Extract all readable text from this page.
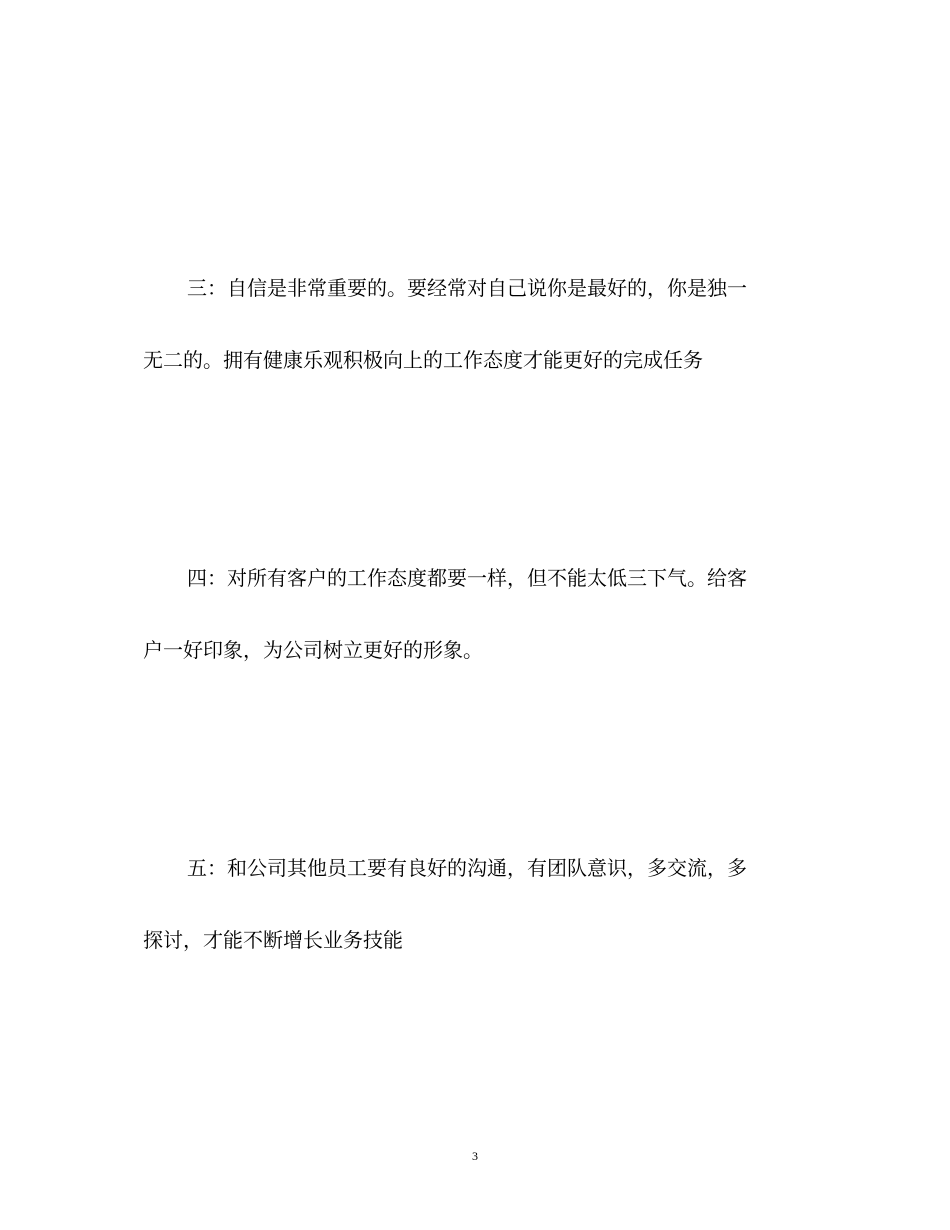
三：自信是非常重要的。要经常对自己说你是最好的，你是独一
无二的。拥有健康乐观积极向上的工作态度才能更好的完成任务
四：对所有客户的工作态度都要一样，但不能太低三下气。给客
户一好印象，为公司树立更好的形象。
五：和公司其他员工要有良好的沟通，有团队意识，多交流，多
探讨，才能不断增长业务技能
3
